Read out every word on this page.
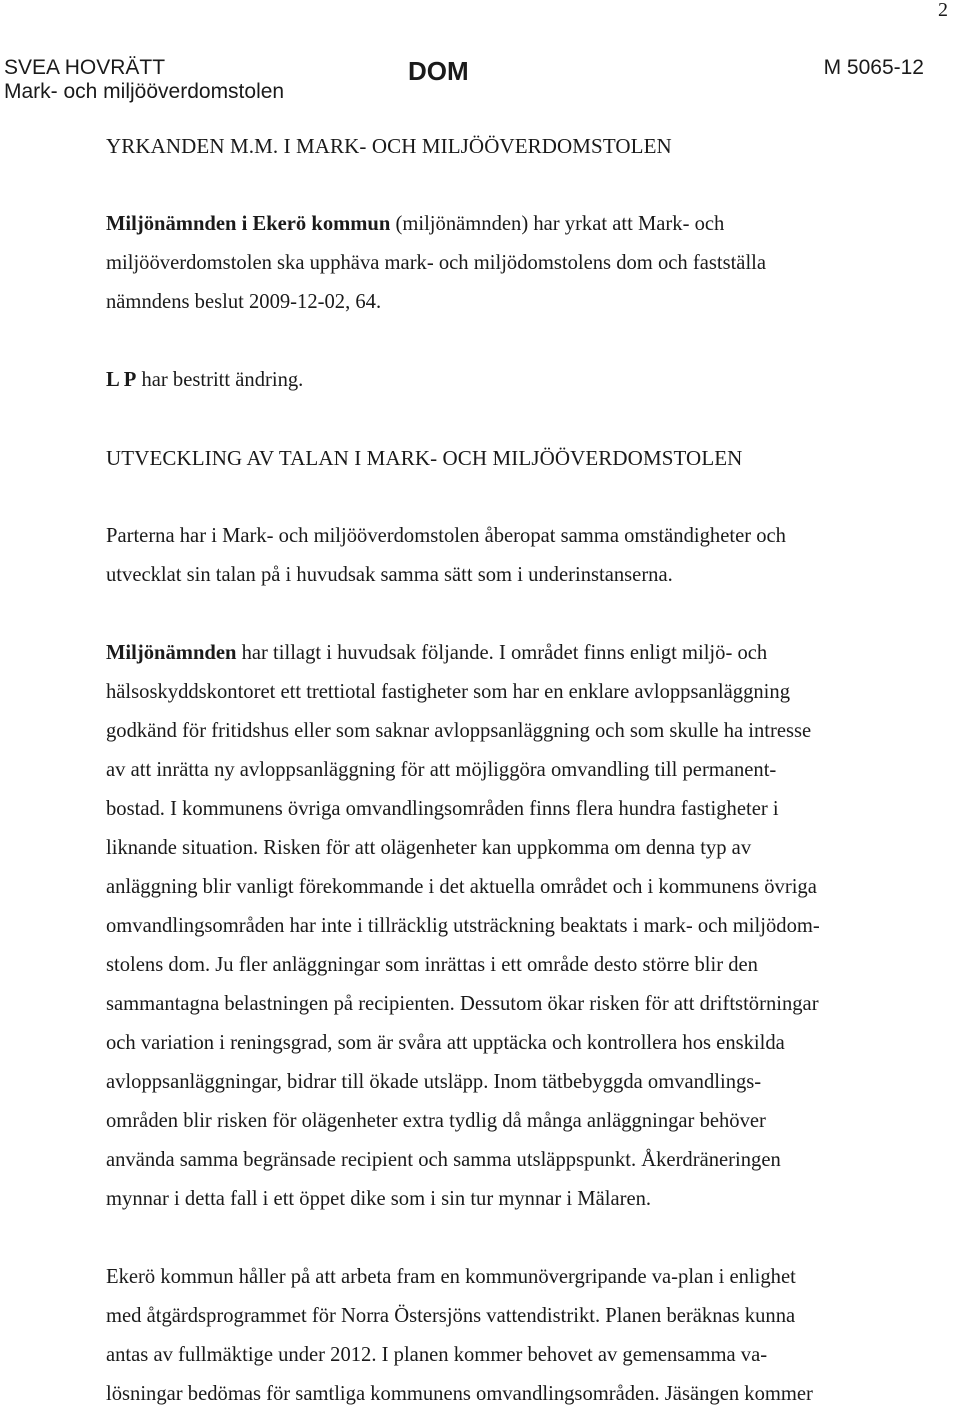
2
SVEA HOVRÄTT
Mark- och miljööverdomstolen
DOM	M 5065-12
YRKANDEN M.M. I MARK- OCH MILJÖÖVERDOMSTOLEN

Miljönämnden i Ekerö kommun (miljönämnden) har yrkat att Mark- och
miljööverdomstolen ska upphäva mark- och miljödomstolens dom och fastställa
nämndens beslut 2009-12-02, 64.

L P har bestritt ändring.

UTVECKLING AV TALAN I MARK- OCH MILJÖÖVERDOMSTOLEN

Parterna har i Mark- och miljööverdomstolen åberopat samma omständigheter och
utvecklat sin talan på i huvudsak samma sätt som i underinstanserna.

Miljönämnden har tillagt i huvudsak följande. I området finns enligt miljö- och
hälsoskyddskontoret ett trettiotal fastigheter som har en enklare avloppsanläggning
godkänd för fritidshus eller som saknar avloppsanläggning och som skulle ha intresse
av att inrätta ny avloppsanläggning för att möjliggöra omvandling till permanent-
bostad. I kommunens övriga omvandlingsområden finns flera hundra fastigheter i
liknande situation. Risken för att olägenheter kan uppkomma om denna typ av
anläggning blir vanligt förekommande i det aktuella området och i kommunens övriga
omvandlingsområden har inte i tillräcklig utsträckning beaktats i mark- och miljödom-
stolens dom. Ju fler anläggningar som inrättas i ett område desto större blir den
sammantagna belastningen på recipienten. Dessutom ökar risken för att driftstörningar
och variation i reningsgrad, som är svåra att upptäcka och kontrollera hos enskilda
avloppsanläggningar, bidrar till ökade utsläpp. Inom tätbebyggda omvandlings-
områden blir risken för olägenheter extra tydlig då många anläggningar behöver
använda samma begränsade recipient och samma utsläppspunkt. Åkerdräneringen
mynnar i detta fall i ett öppet dike som i sin tur mynnar i Mälaren.

Ekerö kommun håller på att arbeta fram en kommunövergripande va-plan i enlighet
med åtgärdsprogrammet för Norra Östersjöns vattendistrikt. Planen beräknas kunna
antas av fullmäktige under 2012. I planen kommer behovet av gemensamma va-
lösningar bedömas för samtliga kommunens omvandlingsområden. Jäsängen kommer
